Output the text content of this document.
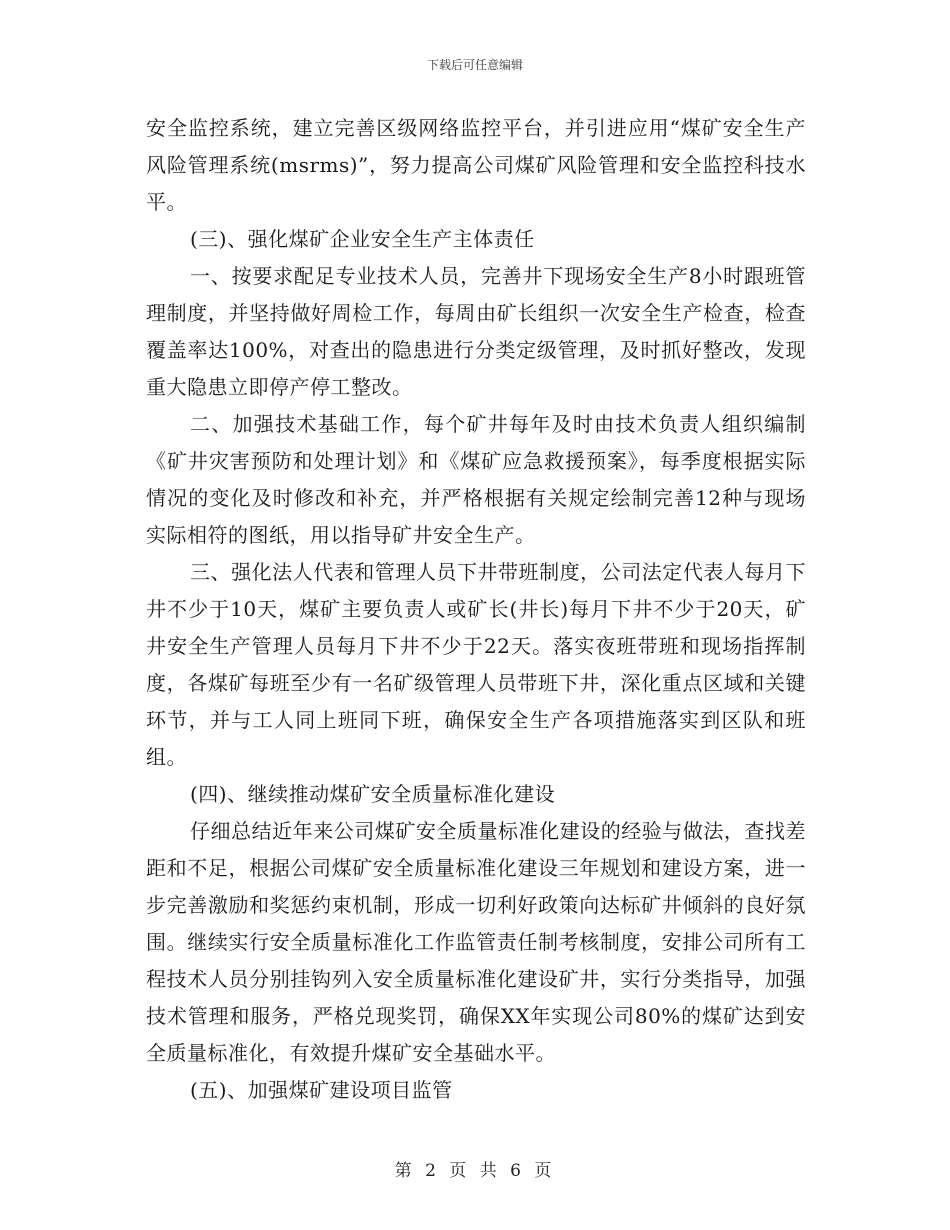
下载后可任意编辑

安全监控系统，建立完善区级网络监控平台，并引进应用“煤矿安全生产风险管理系统(msrms)”，努力提高公司煤矿风险管理和安全监控科技水平。

(三)、强化煤矿企业安全生产主体责任

一、按要求配足专业技术人员，完善井下现场安全生产8小时跟班管理制度，并坚持做好周检工作，每周由矿长组织一次安全生产检查，检查覆盖率达100%，对查出的隐患进行分类定级管理，及时抓好整改，发现重大隐患立即停产停工整改。

二、加强技术基础工作，每个矿井每年及时由技术负责人组织编制《矿井灾害预防和处理计划》和《煤矿应急救援预案》，每季度根据实际情况的变化及时修改和补充，并严格根据有关规定绘制完善12种与现场实际相符的图纸，用以指导矿井安全生产。

三、强化法人代表和管理人员下井带班制度，公司法定代表人每月下井不少于10天，煤矿主要负责人或矿长(井长)每月下井不少于20天，矿井安全生产管理人员每月下井不少于22天。落实夜班带班和现场指挥制度，各煤矿每班至少有一名矿级管理人员带班下井，深化重点区域和关键环节，并与工人同上班同下班，确保安全生产各项措施落实到区队和班组。

(四)、继续推动煤矿安全质量标准化建设

仔细总结近年来公司煤矿安全质量标准化建设的经验与做法，查找差距和不足，根据公司煤矿安全质量标准化建设三年规划和建设方案，进一步完善激励和奖惩约束机制，形成一切利好政策向达标矿井倾斜的良好氛围。继续实行安全质量标准化工作监管责任制考核制度，安排公司所有工程技术人员分别挂钩列入安全质量标准化建设矿井，实行分类指导，加强技术管理和服务，严格兑现奖罚，确保XX年实现公司80%的煤矿达到安全质量标准化，有效提升煤矿安全基础水平。

(五)、加强煤矿建设项目监管

第 2 页 共 6 页
